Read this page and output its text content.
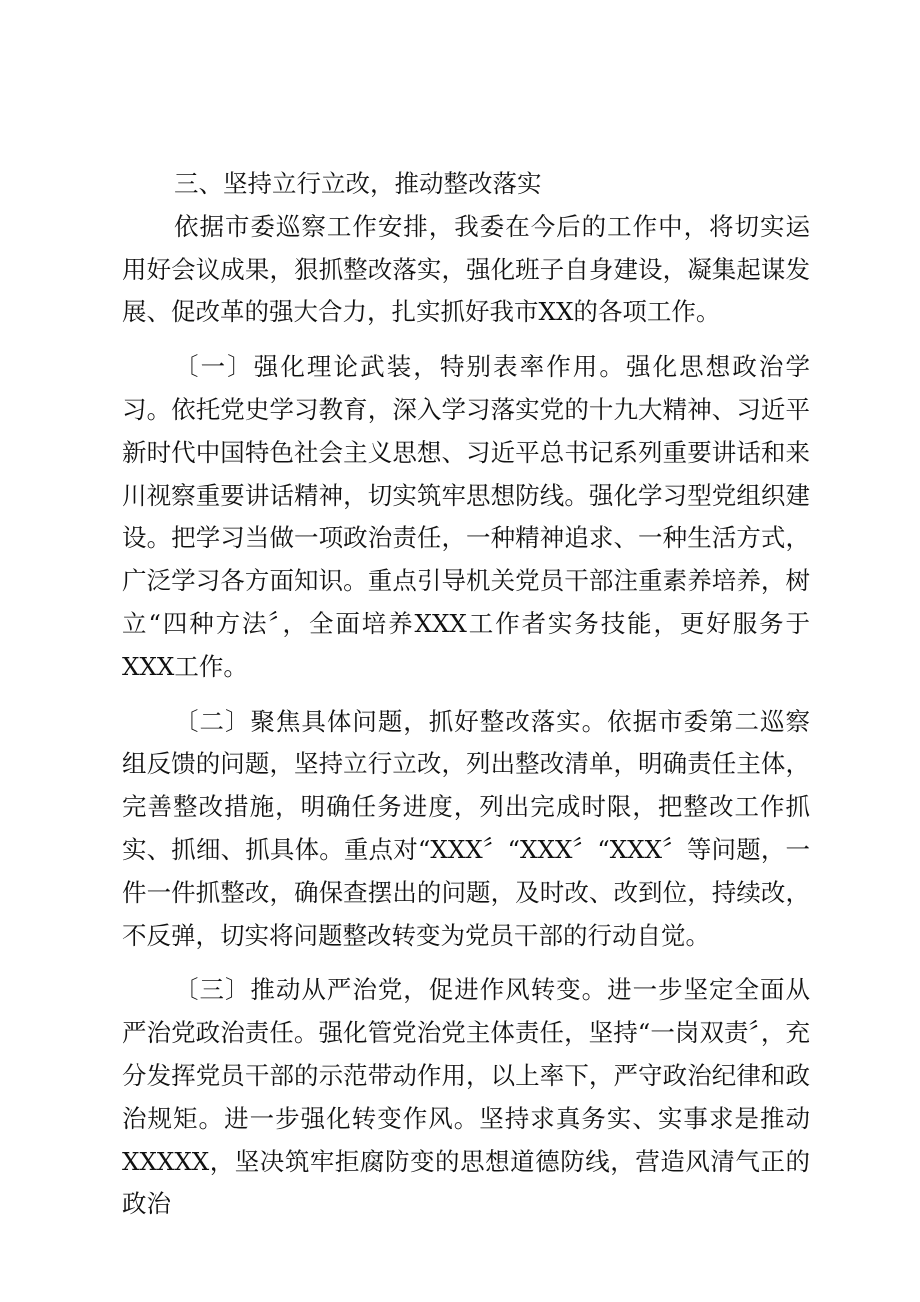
三、坚持立行立改，推动整改落实

依据市委巡察工作安排，我委在今后的工作中，将切实运用好会议成果，狠抓整改落实，强化班子自身建设，凝集起谋发展、促改革的强大合力，扎实抓好我市XX的各项工作。

〔一〕强化理论武装，特别表率作用。强化思想政治学习。依托党史学习教育，深入学习落实党的十九大精神、习近平新时代中国特色社会主义思想、习近平总书记系列重要讲话和来川视察重要讲话精神，切实筑牢思想防线。强化学习型党组织建设。把学习当做一项政治责任，一种精神追求、一种生活方式，广泛学习各方面知识。重点引导机关党员干部注重素养培养，树立“四种方法〞，全面培养XXX工作者实务技能，更好服务于XXX工作。

〔二〕聚焦具体问题，抓好整改落实。依据市委第二巡察组反馈的问题，坚持立行立改，列出整改清单，明确责任主体，完善整改措施，明确任务进度，列出完成时限，把整改工作抓实、抓细、抓具体。重点对“XXX〞“XXX〞“XXX〞等问题，一件一件抓整改，确保查摆出的问题，及时改、改到位，持续改，不反弹，切实将问题整改转变为党员干部的行动自觉。

〔三〕推动从严治党，促进作风转变。进一步坚定全面从严治党政治责任。强化管党治党主体责任，坚持“一岗双责〞，充分发挥党员干部的示范带动作用，以上率下，严守政治纪律和政治规矩。进一步强化转变作风。坚持求真务实、实事求是推动XXXXX，坚决筑牢拒腐防变的思想道德防线，营造风清气正的政治
